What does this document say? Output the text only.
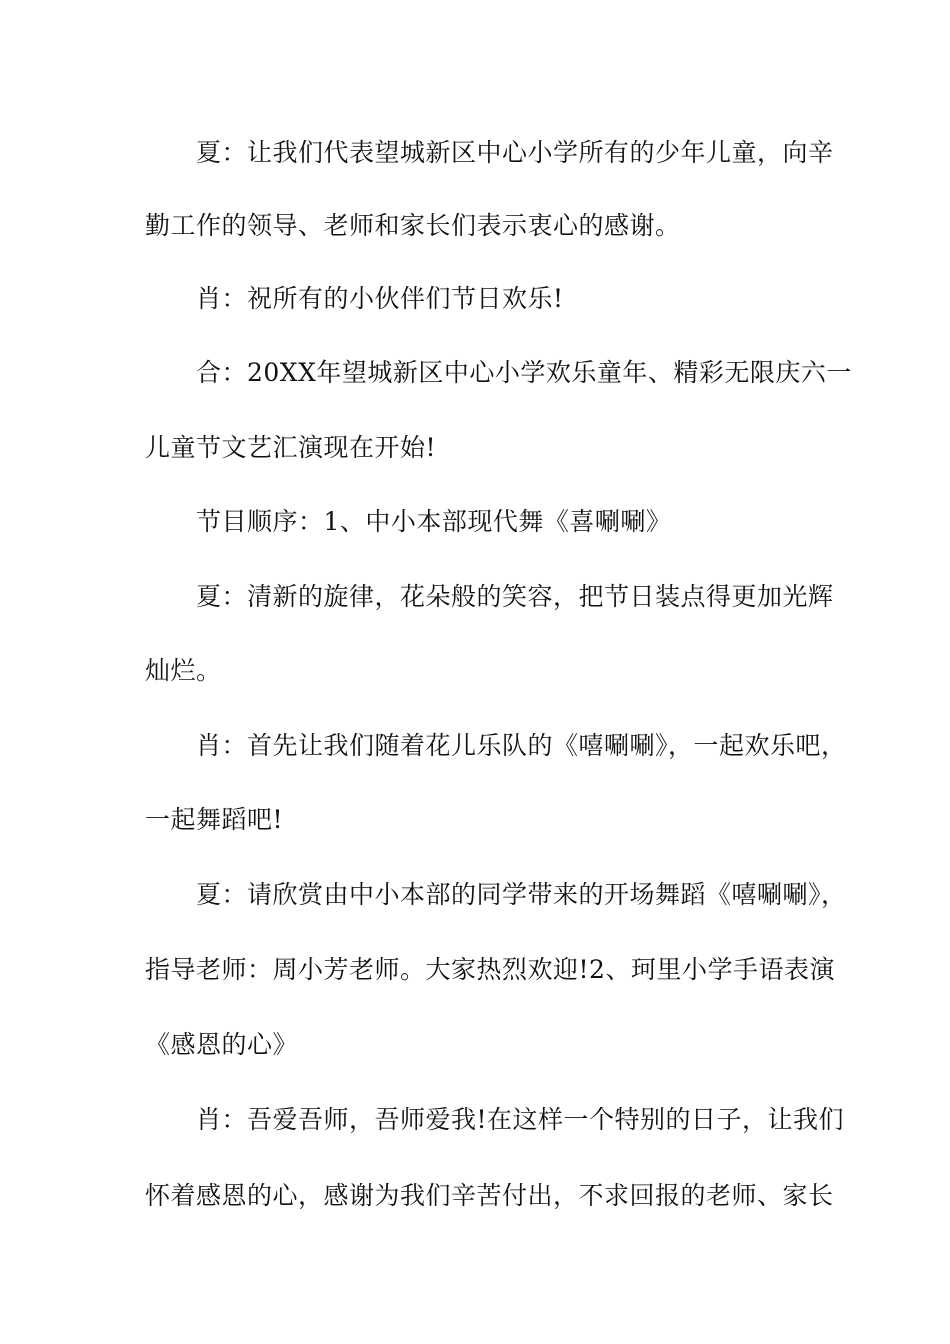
　　夏：让我们代表望城新区中心小学所有的少年儿童，向辛
勤工作的领导、老师和家长们表示衷心的感谢。
　　肖：祝所有的小伙伴们节日欢乐!
　　合：20XX年望城新区中心小学欢乐童年、精彩无限庆六一
儿童节文艺汇演现在开始!
　　节目顺序：1、中小本部现代舞《喜唰唰》
　　夏：清新的旋律，花朵般的笑容，把节日装点得更加光辉
灿烂。
　　肖：首先让我们随着花儿乐队的《嘻唰唰》，一起欢乐吧，
一起舞蹈吧!
　　夏：请欣赏由中小本部的同学带来的开场舞蹈《嘻唰唰》，
指导老师：周小芳老师。大家热烈欢迎!2、珂里小学手语表演
《感恩的心》
　　肖：吾爱吾师，吾师爱我!在这样一个特别的日子，让我们
怀着感恩的心，感谢为我们辛苦付出，不求回报的老师、家长
